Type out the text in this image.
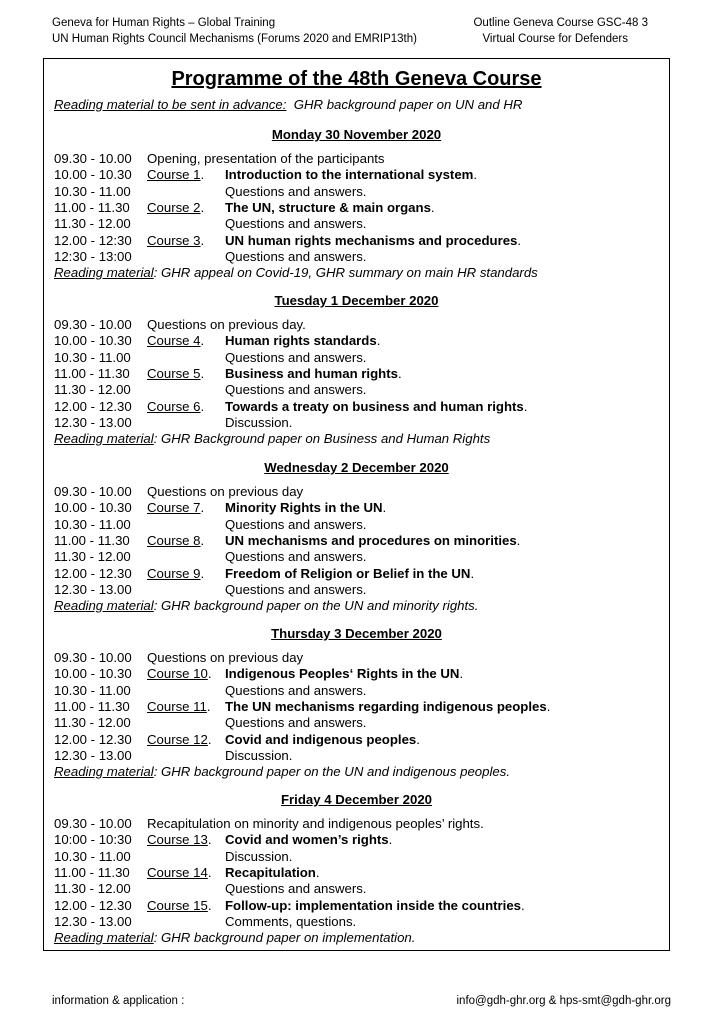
Geneva for Human Rights – Global Training
UN Human Rights Council Mechanisms (Forums 2020 and EMRIP13th)
Outline Geneva Course GSC-48 3
Virtual Course for Defenders
Programme of the 48th Geneva Course
Reading material to be sent in advance:  GHR background paper on UN and HR
Monday 30 November 2020
09.30 - 10.00 Opening, presentation of the participants
10.00 - 10.30 Course 1. Introduction to the international system.
10.30 - 11.00	Questions and answers.
11.00 - 11.30 Course 2. The UN, structure & main organs.
11.30 - 12.00	Questions and answers.
12.00 - 12:30 Course 3. UN human rights mechanisms and procedures.
12:30 - 13:00	Questions and answers.
Reading material: GHR appeal on Covid-19, GHR summary on main HR standards
Tuesday 1 December 2020
09.30 - 10.00 Questions on previous day.
10.00 - 10.30 Course 4. Human rights standards.
10.30 - 11.00	Questions and answers.
11.00 - 11.30 Course 5. Business and human rights.
11.30 - 12.00	Questions and answers.
12.00 - 12.30 Course 6. Towards a treaty on business and human rights.
12.30 - 13.00	Discussion.
Reading material: GHR Background paper on Business and Human Rights
Wednesday 2 December 2020
09.30 - 10.00 Questions on previous day
10.00 - 10.30 Course 7. Minority Rights in the UN.
10.30 - 11.00	Questions and answers.
11.00 - 11.30 Course 8. UN mechanisms and procedures on minorities.
11.30 - 12.00	Questions and answers.
12.00 - 12.30 Course 9. Freedom of Religion or Belief in the UN.
12.30 - 13.00	Questions and answers.
Reading material: GHR background paper on the UN and minority rights.
Thursday 3 December 2020
09.30 - 10.00 Questions on previous day
10.00 - 10.30 Course 10. Indigenous Peoples‘ Rights in the UN.
10.30 - 11.00	Questions and answers.
11.00 - 11.30 Course 11. The UN mechanisms regarding indigenous peoples.
11.30 - 12.00	Questions and answers.
12.00 - 12.30 Course 12. Covid and indigenous peoples.
12.30 - 13.00	Discussion.
Reading material: GHR background paper on the UN and indigenous peoples.
Friday 4 December 2020
09.30 - 10.00 Recapitulation on minority and indigenous peoples’ rights.
10:00 - 10:30 Course 13. Covid and women’s rights.
10.30 - 11.00	Discussion.
11.00 - 11.30 Course 14. Recapitulation.
11.30 - 12.00	Questions and answers.
12.00 - 12.30 Course 15. Follow-up: implementation inside the countries.
12.30 - 13.00	Comments, questions.
Reading material: GHR background paper on implementation.
information & application :	info@gdh-ghr.org & hps-smt@gdh-ghr.org
